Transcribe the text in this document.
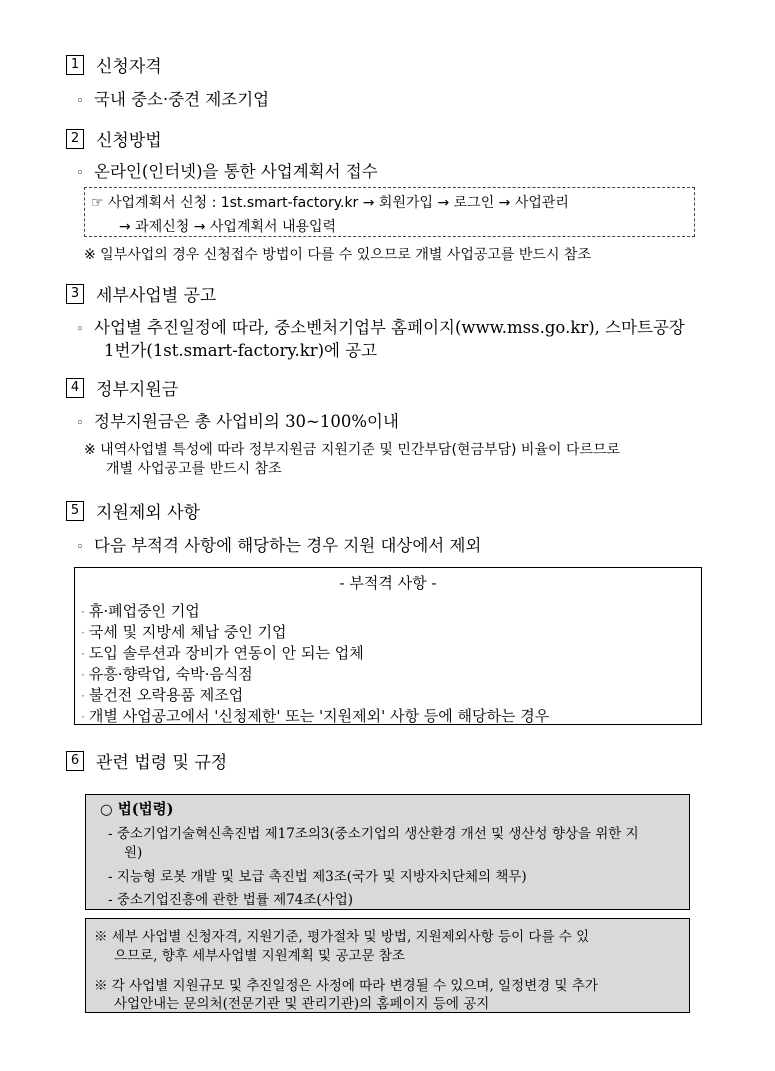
1 신청자격
◦ 국내 중소·중견 제조기업
2 신청방법
◦ 온라인(인터넷)을 통한 사업계획서 접수
☞ 사업계획서 신청 : 1st.smart-factory.kr → 회원가입 → 로그인 → 사업관리
→ 과제신청 → 사업계획서 내용입력
※ 일부사업의 경우 신청접수 방법이 다를 수 있으므로 개별 사업공고를 반드시 참조
3 세부사업별 공고
◦ 사업별 추진일정에 따라, 중소벤처기업부 홈페이지(www.mss.go.kr), 스마트공장
1번가(1st.smart-factory.kr)에 공고
4 정부지원금
◦ 정부지원금은 총 사업비의 30~100%이내
※ 내역사업별 특성에 따라 정부지원금 지원기준 및 민간부담(현금부담) 비율이 다르므로
개별 사업공고를 반드시 참조
5 지원제외 사항
◦ 다음 부적격 사항에 해당하는 경우 지원 대상에서 제외
- 부적격 사항 -
· 휴·폐업중인 기업
· 국세 및 지방세 체납 중인 기업
· 도입 솔루션과 장비가 연동이 안 되는 업체
· 유흥·향락업, 숙박·음식점
· 불건전 오락용품 제조업
· 개별 사업공고에서 '신청제한' 또는 '지원제외' 사항 등에 해당하는 경우
6 관련 법령 및 규정
○ 법(법령)
- 중소기업기술혁신촉진법 제17조의3(중소기업의 생산환경 개선 및 생산성 향상을 위한 지
원)
- 지능형 로봇 개발 및 보급 촉진법 제3조(국가 및 지방자치단체의 책무)
- 중소기업진흥에 관한 법률 제74조(사업)
※ 세부 사업별 신청자격, 지원기준, 평가절차 및 방법, 지원제외사항 등이 다를 수 있
으므로, 향후 세부사업별 지원계획 및 공고문 참조
※ 각 사업별 지원규모 및 추진일정은 사정에 따라 변경될 수 있으며, 일정변경 및 추가
사업안내는 문의처(전문기관 및 관리기관)의 홈페이지 등에 공지
